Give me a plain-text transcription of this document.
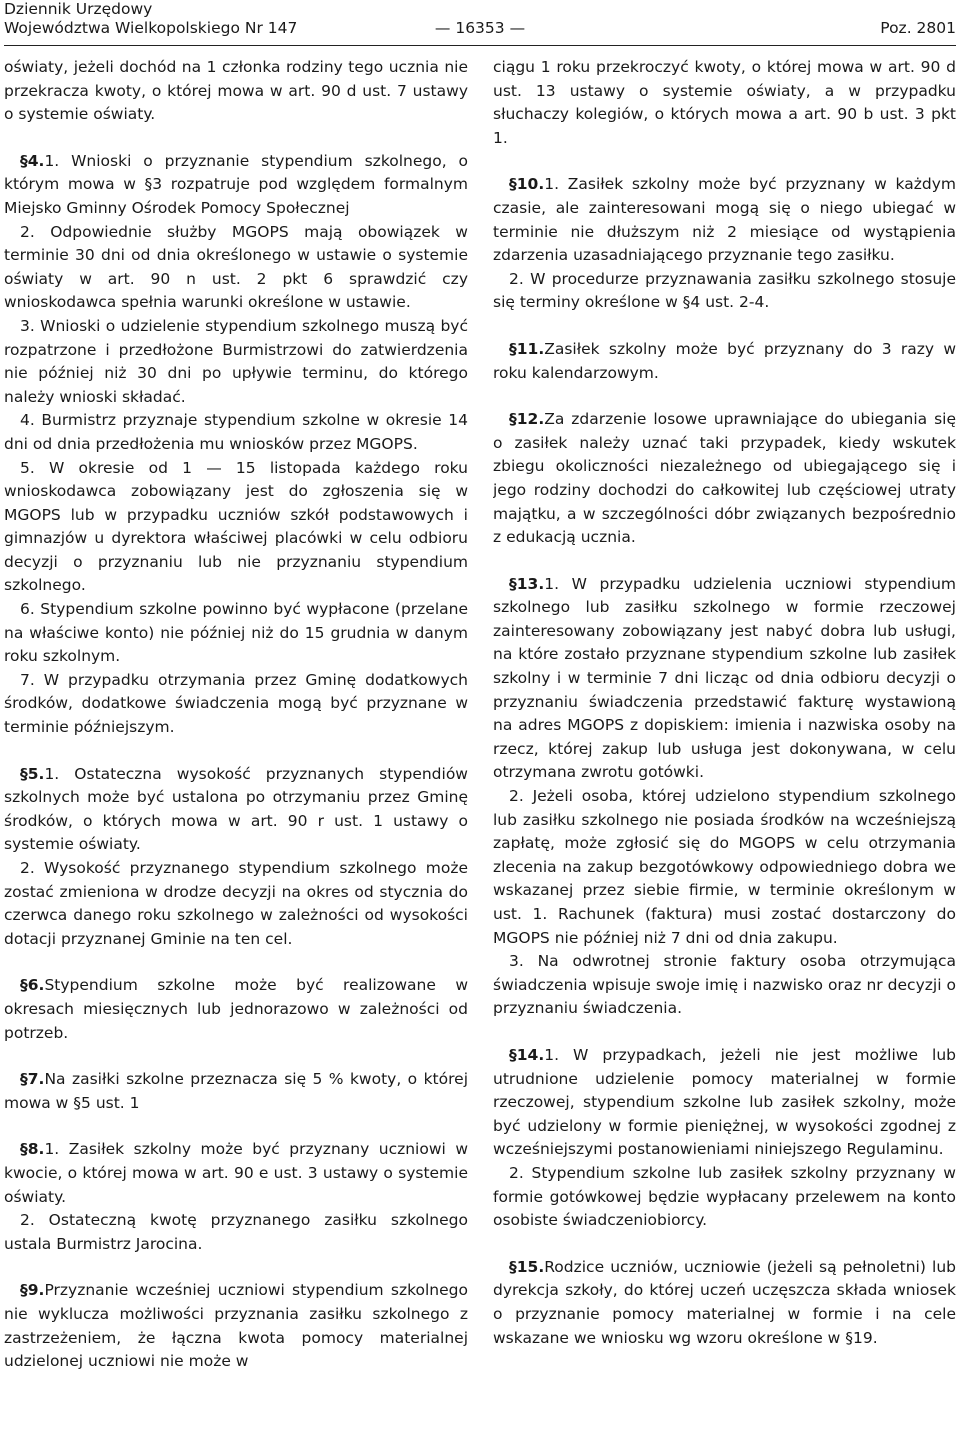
Dziennik Urzędowy
Województwa Wielkopolskiego Nr 147	— 16353 —	Poz. 2801

oświaty, jeżeli dochód na 1 członka rodziny tego ucznia nie przekracza kwoty, o której mowa w art. 90 d ust. 7 ustawy o systemie oświaty.

§4.1. Wnioski o przyznanie stypendium szkolnego, o którym mowa w §3 rozpatruje pod względem formalnym Miejsko Gminny Ośrodek Pomocy Społecznej

2. Odpowiednie służby MGOPS mają obowiązek w terminie 30 dni od dnia określonego w ustawie o systemie oświaty w art. 90 n ust. 2 pkt 6 sprawdzić czy wnioskodawca spełnia warunki określone w ustawie.

3. Wnioski o udzielenie stypendium szkolnego muszą być rozpatrzone i przedłożone Burmistrzowi do zatwierdzenia nie później niż 30 dni po upływie terminu, do którego należy wnioski składać.

4. Burmistrz przyznaje stypendium szkolne w okresie 14 dni od dnia przedłożenia mu wniosków przez MGOPS.

5. W okresie od 1 — 15 listopada każdego roku wnioskodawca zobowiązany jest do zgłoszenia się w MGOPS lub w przypadku uczniów szkół podstawowych i gimnazjów u dyrektora właściwej placówki w celu odbioru decyzji o przyznaniu lub nie przyznaniu stypendium szkolnego.

6. Stypendium szkolne powinno być wypłacone (przelane na właściwe konto) nie później niż do 15 grudnia w danym roku szkolnym.

7. W przypadku otrzymania przez Gminę dodatkowych środków, dodatkowe świadczenia mogą być przyznane w terminie późniejszym.

§5.1. Ostateczna wysokość przyznanych stypendiów szkolnych może być ustalona po otrzymaniu przez Gminę środków, o których mowa w art. 90 r ust. 1 ustawy o systemie oświaty.

2. Wysokość przyznanego stypendium szkolnego może zostać zmieniona w drodze decyzji na okres od stycznia do czerwca danego roku szkolnego w zależności od wysokości dotacji przyznanej Gminie na ten cel.

§6.Stypendium szkolne może być realizowane w okresach miesięcznych lub jednorazowo w zależności od potrzeb.

§7.Na zasiłki szkolne przeznacza się 5 % kwoty, o której mowa w §5 ust. 1

§8.1. Zasiłek szkolny może być przyznany uczniowi w kwocie, o której mowa w art. 90 e ust. 3 ustawy o systemie oświaty.

2. Ostateczną kwotę przyznanego zasiłku szkolnego ustala Burmistrz Jarocina.

§9.Przyznanie wcześniej uczniowi stypendium szkolnego nie wyklucza możliwości przyznania zasiłku szkolnego z zastrzeżeniem, że łączna kwota pomocy materialnej udzielonej uczniowi nie może w

ciągu 1 roku przekroczyć kwoty, o której mowa w art. 90 d ust. 13 ustawy o systemie oświaty, a w przypadku słuchaczy kolegiów, o których mowa a art. 90 b ust. 3 pkt 1.

§10.1. Zasiłek szkolny może być przyznany w każdym czasie, ale zainteresowani mogą się o niego ubiegać w terminie nie dłuższym niż 2 miesiące od wystąpienia zdarzenia uzasadniającego przyznanie tego zasiłku.

2. W procedurze przyznawania zasiłku szkolnego stosuje się terminy określone w §4 ust. 2-4.

§11.Zasiłek szkolny może być przyznany do 3 razy w roku kalendarzowym.

§12.Za zdarzenie losowe uprawniające do ubiegania się o zasiłek należy uznać taki przypadek, kiedy wskutek zbiegu okoliczności niezależnego od ubiegającego się i jego rodziny dochodzi do całkowitej lub częściowej utraty majątku, a w szczególności dóbr związanych bezpośrednio z edukacją ucznia.

§13.1. W przypadku udzielenia uczniowi stypendium szkolnego lub zasiłku szkolnego w formie rzeczowej zainteresowany zobowiązany jest nabyć dobra lub usługi, na które zostało przyznane stypendium szkolne lub zasiłek szkolny i w terminie 7 dni licząc od dnia odbioru decyzji o przyznaniu świadczenia przedstawić fakturę wystawioną na adres MGOPS z dopiskiem: imienia i nazwiska osoby na rzecz, której zakup lub usługa jest dokonywana, w celu otrzymana zwrotu gotówki.

2. Jeżeli osoba, której udzielono stypendium szkolnego lub zasiłku szkolnego nie posiada środków na wcześniejszą zapłatę, może zgłosić się do MGOPS w celu otrzymania zlecenia na zakup bezgotówkowy odpowiedniego dobra we wskazanej przez siebie firmie, w terminie określonym w ust. 1. Rachunek (faktura) musi zostać dostarczony do MGOPS nie później niż 7 dni od dnia zakupu.

3. Na odwrotnej stronie faktury osoba otrzymująca świadczenia wpisuje swoje imię i nazwisko oraz nr decyzji o przyznaniu świadczenia.

§14.1. W przypadkach, jeżeli nie jest możliwe lub utrudnione udzielenie pomocy materialnej w formie rzeczowej, stypendium szkolne lub zasiłek szkolny, może być udzielony w formie pieniężnej, w wysokości zgodnej z wcześniejszymi postanowieniami niniejszego Regulaminu.

2. Stypendium szkolne lub zasiłek szkolny przyznany w formie gotówkowej będzie wypłacany przelewem na konto osobiste świadczeniobiorcy.

§15.Rodzice uczniów, uczniowie (jeżeli są pełnoletni) lub dyrekcja szkoły, do której uczeń uczęszcza składa wniosek o przyznanie pomocy materialnej w formie i na cele wskazane we wniosku wg wzoru określone w §19.
